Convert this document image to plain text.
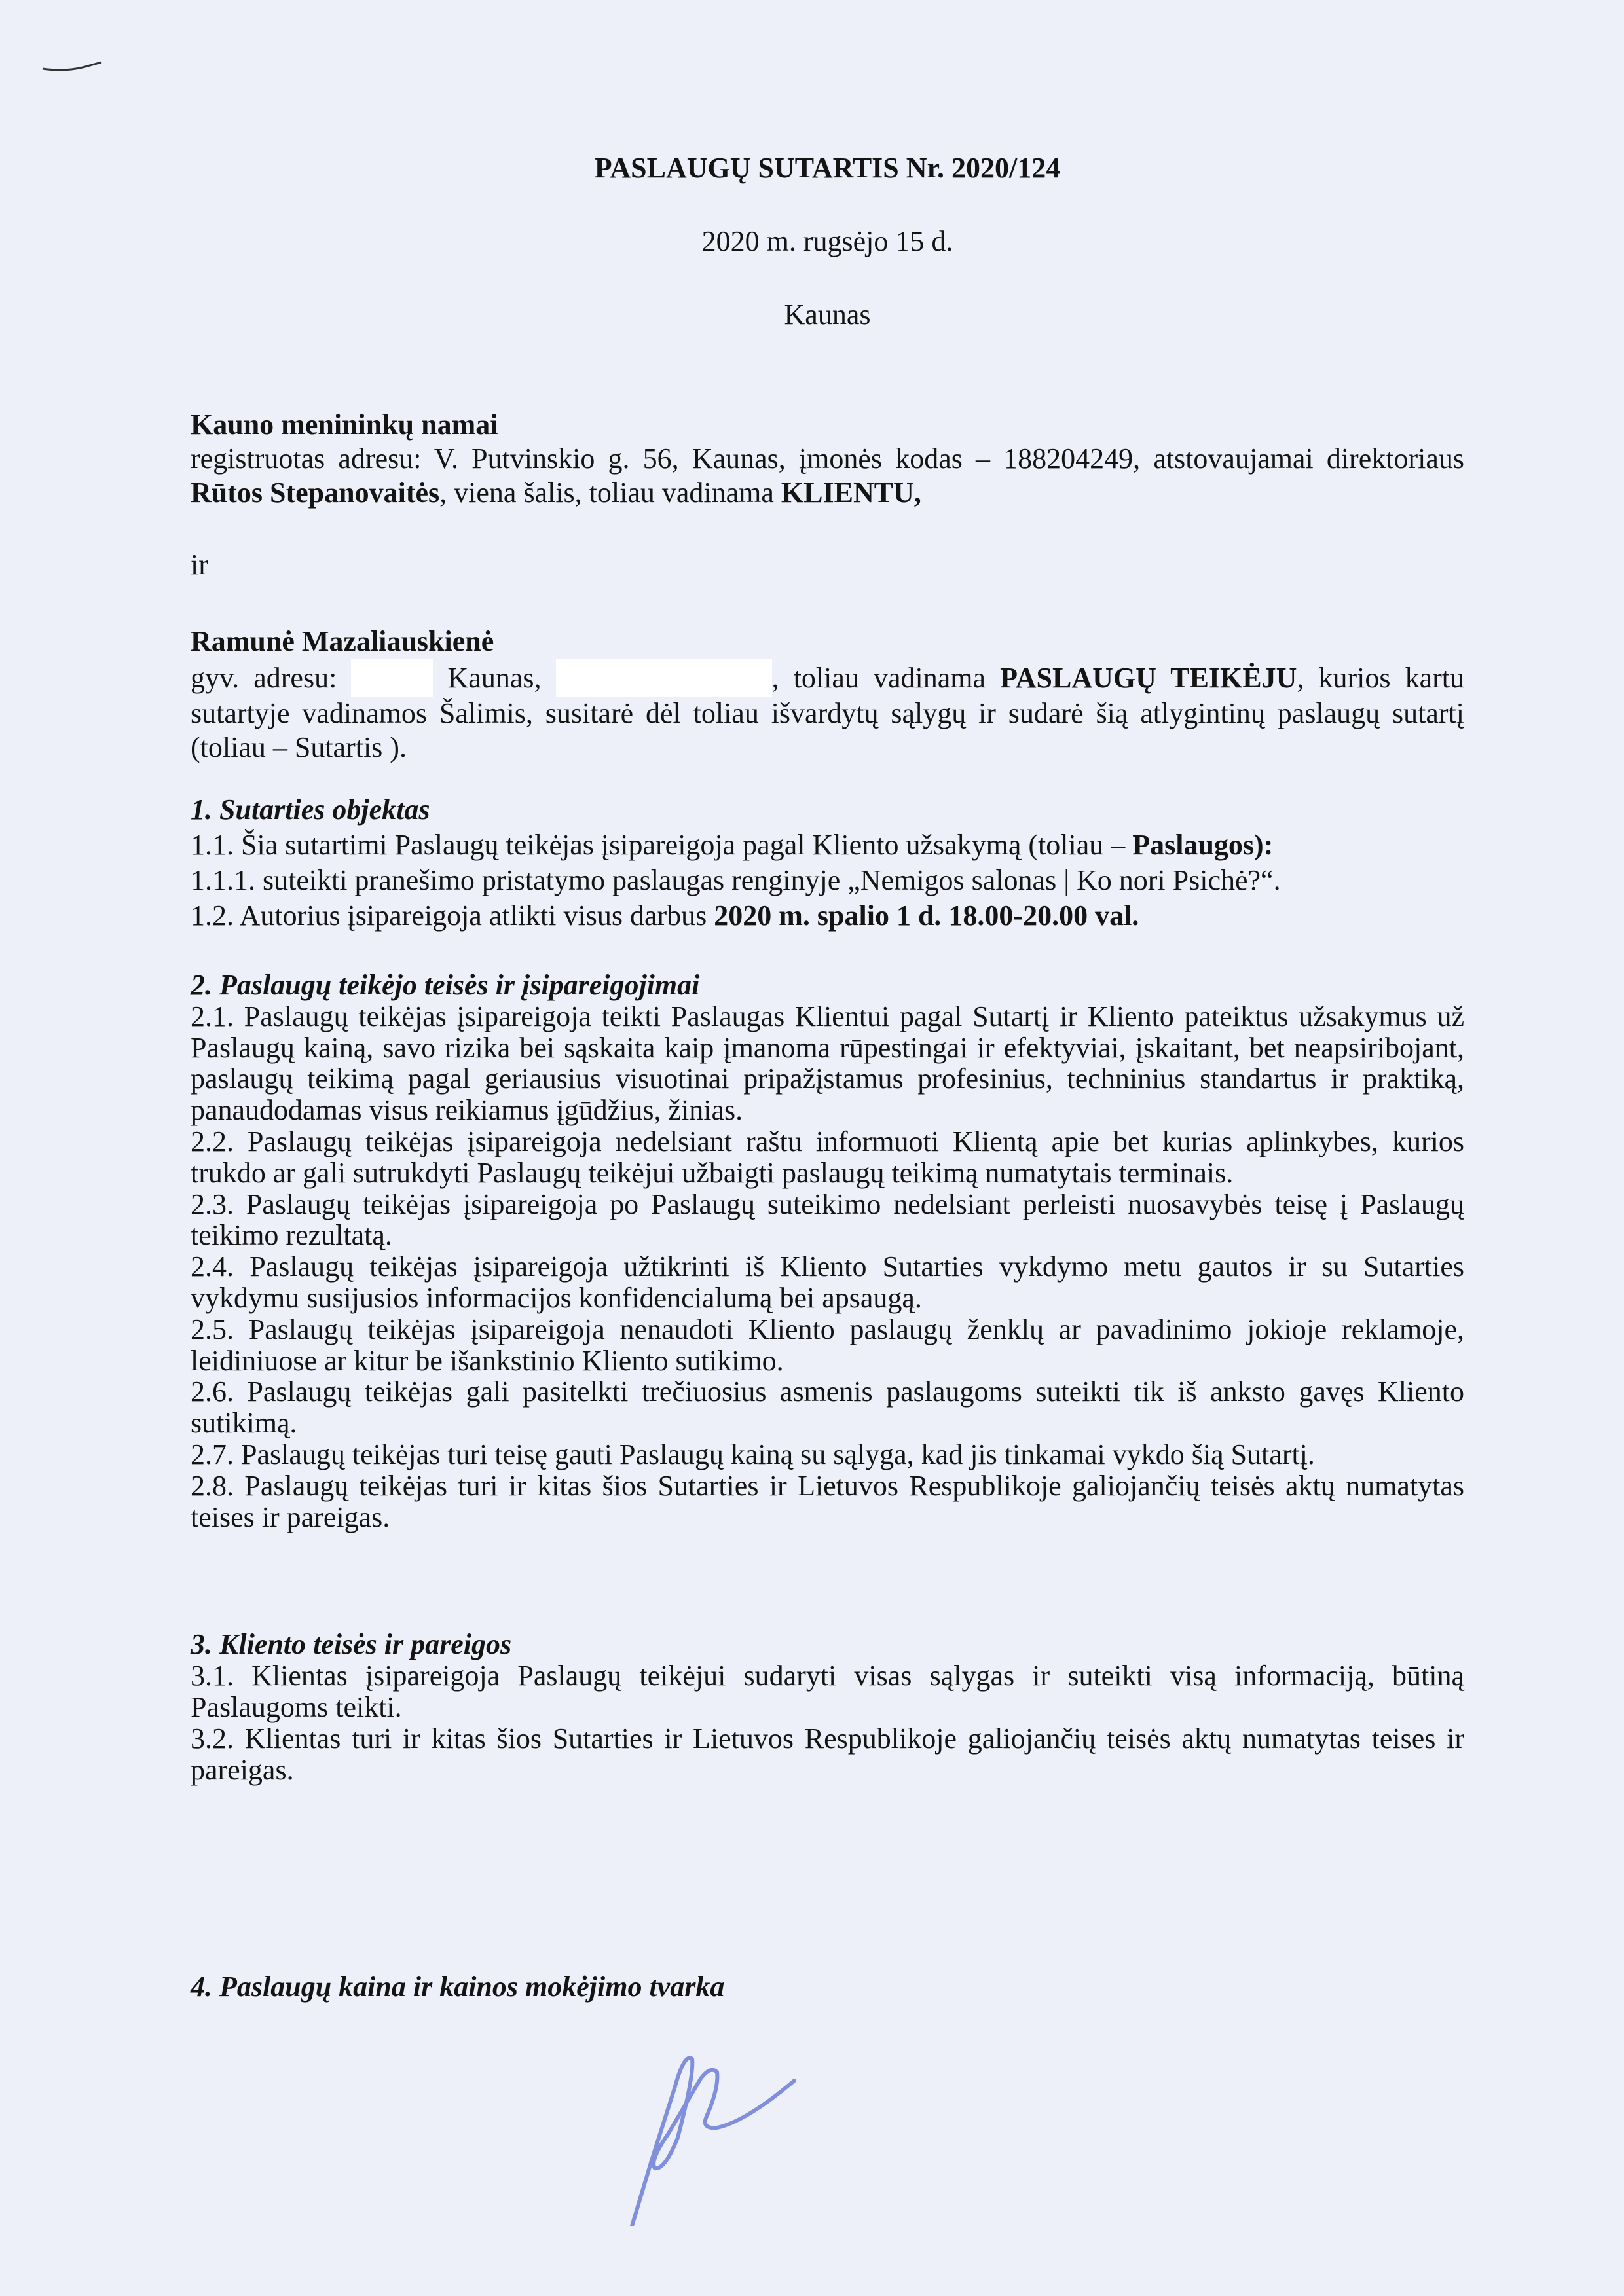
PASLAUGŲ SUTARTIS Nr. 2020/124
2020 m. rugsėjo 15 d.
Kaunas

Kauno menininkų namai

registruotas adresu: V. Putvinskio g. 56, Kaunas, įmonės kodas – 188204249, atstovaujamai direktoriaus

Rūtos Stepanovaitės, viena šalis, toliau vadinama KLIENTU,

ir

Ramunė Mazaliauskienė

gyv. adresu:	Kaunas,	, toliau vadinama PASLAUGŲ TEIKĖJU, kurios kartu sutartyje vadinamos Šalimis, susitarė dėl toliau išvardytų sąlygų ir sudarė šią atlygintinų paslaugų sutartį (toliau – Sutartis ).

1. Sutarties objektas

1.1. Šia sutartimi Paslaugų teikėjas įsipareigoja pagal Kliento užsakymą (toliau – Paslaugos):

1.1.1. suteikti pranešimo pristatymo paslaugas renginyje „Nemigos salonas | Ko nori Psichė?“.

1.2. Autorius įsipareigoja atlikti visus darbus 2020 m. spalio 1 d. 18.00-20.00 val.

2. Paslaugų teikėjo teisės ir įsipareigojimai

2.1. Paslaugų teikėjas įsipareigoja teikti Paslaugas Klientui pagal Sutartį ir Kliento pateiktus užsakymus už Paslaugų kainą, savo rizika bei sąskaita kaip įmanoma rūpestingai ir efektyviai, įskaitant, bet neapsiribojant, paslaugų teikimą pagal geriausius visuotinai pripažįstamus profesinius, techninius standartus ir praktiką, panaudodamas visus reikiamus įgūdžius, žinias.

2.2. Paslaugų teikėjas įsipareigoja nedelsiant raštu informuoti Klientą apie bet kurias aplinkybes, kurios trukdo ar gali sutrukdyti Paslaugų teikėjui užbaigti paslaugų teikimą numatytais terminais.

2.3. Paslaugų teikėjas įsipareigoja po Paslaugų suteikimo nedelsiant perleisti nuosavybės teisę į Paslaugų teikimo rezultatą.

2.4. Paslaugų teikėjas įsipareigoja užtikrinti iš Kliento Sutarties vykdymo metu gautos ir su Sutarties vykdymu susijusios informacijos konfidencialumą bei apsaugą.

2.5. Paslaugų teikėjas įsipareigoja nenaudoti Kliento paslaugų ženklų ar pavadinimo jokioje reklamoje, leidiniuose ar kitur be išankstinio Kliento sutikimo.

2.6. Paslaugų teikėjas gali pasitelkti trečiuosius asmenis paslaugoms suteikti tik iš anksto gavęs Kliento sutikimą.

2.7. Paslaugų teikėjas turi teisę gauti Paslaugų kainą su sąlyga, kad jis tinkamai vykdo šią Sutartį.

2.8. Paslaugų teikėjas turi ir kitas šios Sutarties ir Lietuvos Respublikoje galiojančių teisės aktų numatytas teises ir pareigas.

3. Kliento teisės ir pareigos

3.1. Klientas įsipareigoja Paslaugų teikėjui sudaryti visas sąlygas ir suteikti visą informaciją, būtiną Paslaugoms teikti.

3.2. Klientas turi ir kitas šios Sutarties ir Lietuvos Respublikoje galiojančių teisės aktų numatytas teises ir pareigas.

4. Paslaugų kaina ir kainos mokėjimo tvarka
